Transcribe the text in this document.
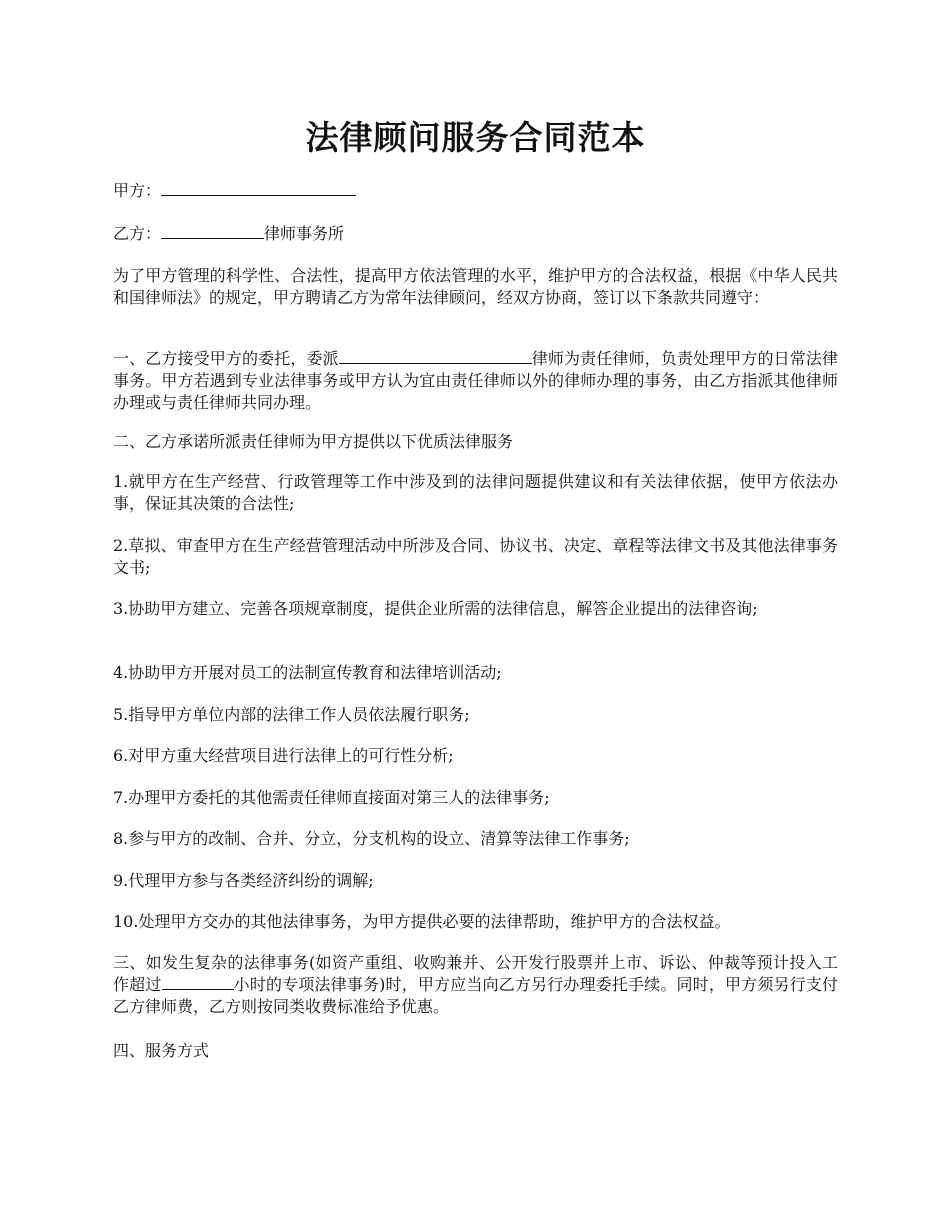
法律顾问服务合同范本

甲方：

乙方：	律师事务所

为了甲方管理的科学性、合法性，提高甲方依法管理的水平，维护甲方的合法权益，根据《中华人民共和国律师法》的规定，甲方聘请乙方为常年法律顾问，经双方协商，签订以下条款共同遵守：

一、乙方接受甲方的委托，委派	律师为责任律师，负责处理甲方的日常法律事务。甲方若遇到专业法律事务或甲方认为宜由责任律师以外的律师办理的事务，由乙方指派其他律师办理或与责任律师共同办理。

二、乙方承诺所派责任律师为甲方提供以下优质法律服务

1.就甲方在生产经营、行政管理等工作中涉及到的法律问题提供建议和有关法律依据，使甲方依法办事，保证其决策的合法性;

2.草拟、审查甲方在生产经营管理活动中所涉及合同、协议书、决定、章程等法律文书及其他法律事务文书;

3.协助甲方建立、完善各项规章制度，提供企业所需的法律信息，解答企业提出的法律咨询;

4.协助甲方开展对员工的法制宣传教育和法律培训活动;

5.指导甲方单位内部的法律工作人员依法履行职务;

6.对甲方重大经营项目进行法律上的可行性分析;

7.办理甲方委托的其他需责任律师直接面对第三人的法律事务;

8.参与甲方的改制、合并、分立，分支机构的设立、清算等法律工作事务;

9.代理甲方参与各类经济纠纷的调解;

10.处理甲方交办的其他法律事务，为甲方提供必要的法律帮助，维护甲方的合法权益。

三、如发生复杂的法律事务(如资产重组、收购兼并、公开发行股票并上市、诉讼、仲裁等预计投入工作超过	小时的专项法律事务)时，甲方应当向乙方另行办理委托手续。同时，甲方须另行支付乙方律师费，乙方则按同类收费标准给予优惠。

四、服务方式
